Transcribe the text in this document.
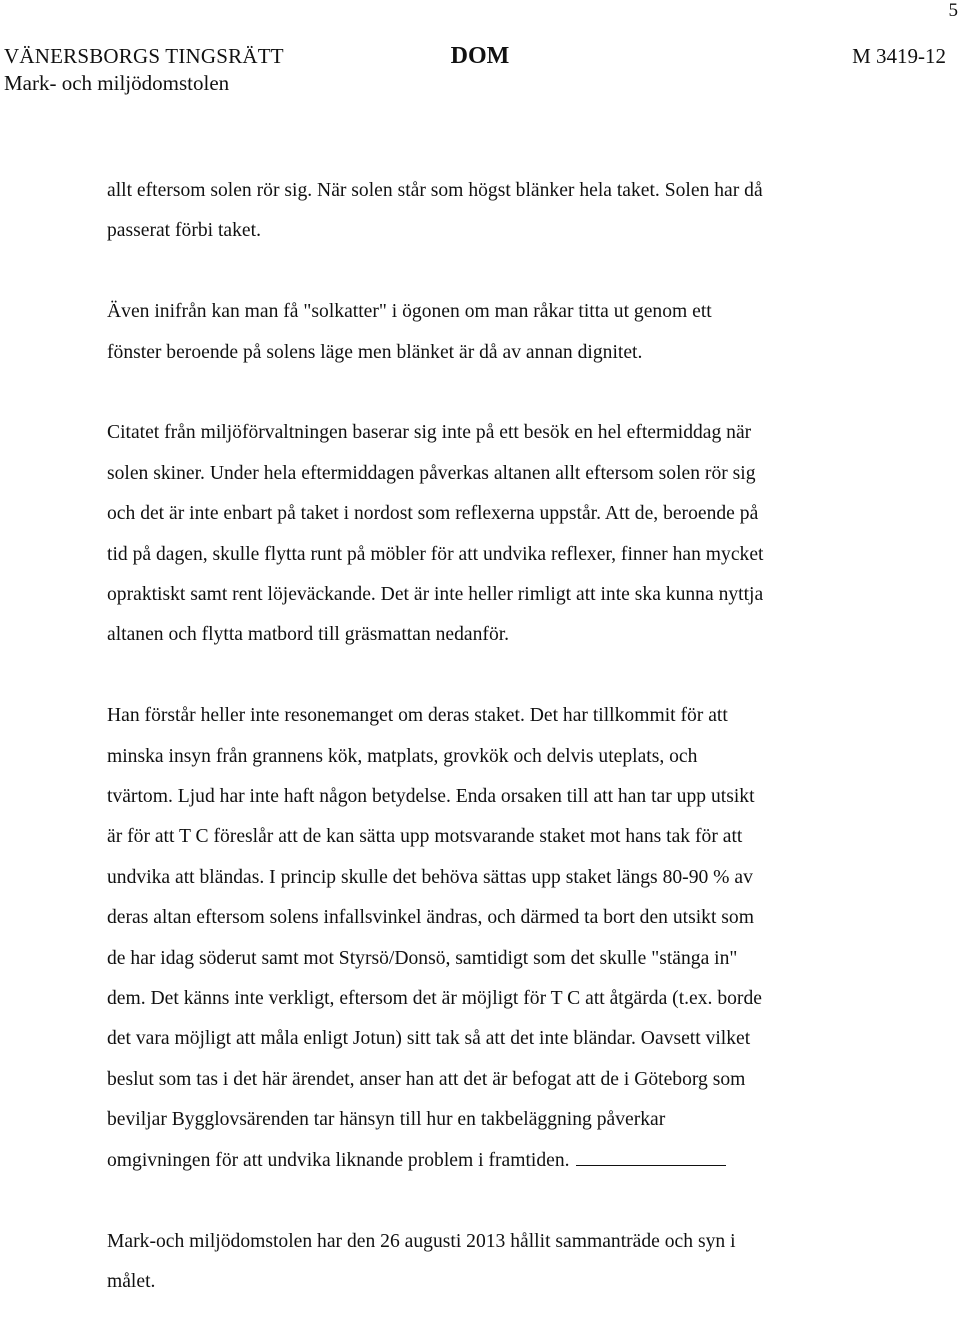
5
VÄNERSBORGS TINGSRÄTT
Mark- och miljödomstolen
DOM	M 3419-12

allt eftersom solen rör sig. När solen står som högst blänker hela taket. Solen har då
passerat förbi taket.

Även inifrån kan man få "solkatter" i ögonen om man råkar titta ut genom ett
fönster beroende på solens läge men blänket är då av annan dignitet.

Citatet från miljöförvaltningen baserar sig inte på ett besök en hel eftermiddag när
solen skiner. Under hela eftermiddagen påverkas altanen allt eftersom solen rör sig
och det är inte enbart på taket i nordost som reflexerna uppstår. Att de, beroende på
tid på dagen, skulle flytta runt på möbler för att undvika reflexer, finner han mycket
opraktiskt samt rent löjeväckande. Det är inte heller rimligt att inte ska kunna nyttja
altanen och flytta matbord till gräsmattan nedanför.

Han förstår heller inte resonemanget om deras staket. Det har tillkommit för att
minska insyn från grannens kök, matplats, grovkök och delvis uteplats, och
tvärtom. Ljud har inte haft någon betydelse. Enda orsaken till att han tar upp utsikt
är för att T C föreslår att de kan sätta upp motsvarande staket mot hans tak för att
undvika att bländas. I princip skulle det behöva sättas upp staket längs 80-90 % av
deras altan eftersom solens infallsvinkel ändras, och därmed ta bort den utsikt som
de har idag söderut samt mot Styrsö/Donsö, samtidigt som det skulle "stänga in"
dem. Det känns inte verkligt, eftersom det är möjligt för T C att åtgärda (t.ex. borde
det vara möjligt att måla enligt Jotun) sitt tak så att det inte bländar. Oavsett vilket
beslut som tas i det här ärendet, anser han att det är befogat att de i Göteborg som
beviljar Bygglovsärenden tar hänsyn till hur en takbeläggning påverkar
omgivningen för att undvika liknande problem i framtiden.

Mark-och miljödomstolen har den 26 augusti 2013 hållit sammanträde och syn i
målet.
